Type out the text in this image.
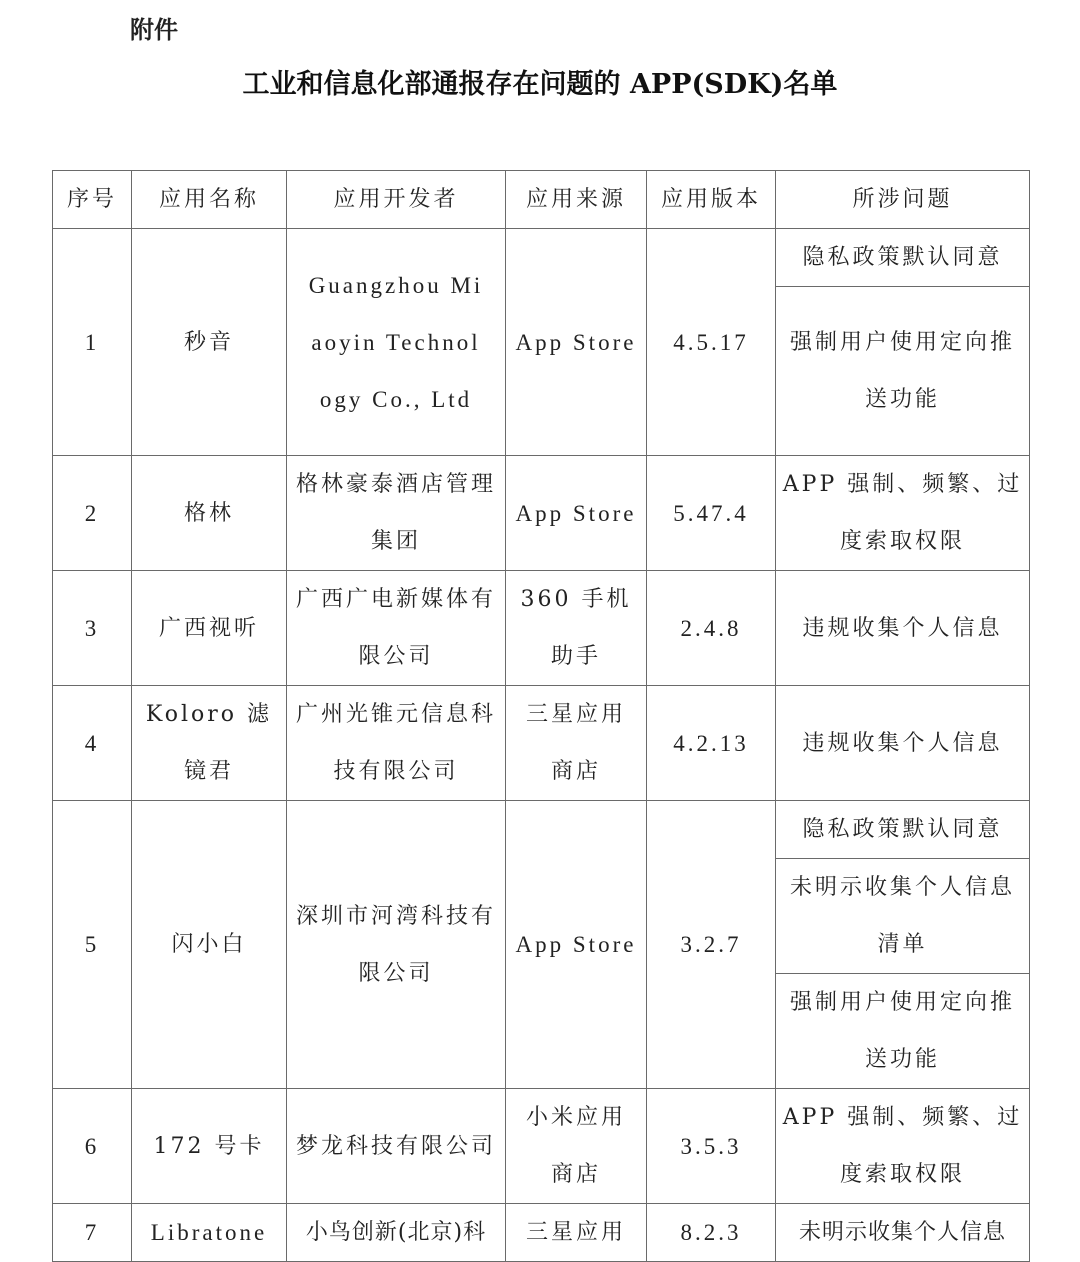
附件
工业和信息化部通报存在问题的 APP(SDK)名单
序号	应用名称	应用开发者	应用来源	应用版本	所涉问题
1	秒音	Guangzhou Miaoyin Technology Co., Ltd	App Store	4.5.17	隐私政策默认同意
					强制用户使用定向推送功能
2	格林	格林豪泰酒店管理集团	App Store	5.47.4	APP 强制、频繁、过度索取权限
3	广西视听	广西广电新媒体有限公司	360 手机助手	2.4.8	违规收集个人信息
4	Koloro 滤镜君	广州光锥元信息科技有限公司	三星应用商店	4.2.13	违规收集个人信息
5	闪小白	深圳市河湾科技有限公司	App Store	3.2.7	隐私政策默认同意
					未明示收集个人信息清单
					强制用户使用定向推送功能
6	172 号卡	梦龙科技有限公司	小米应用商店	3.5.3	APP 强制、频繁、过度索取权限
7	Libratone	小鸟创新(北京)科	三星应用	8.2.3	未明示收集个人信息
